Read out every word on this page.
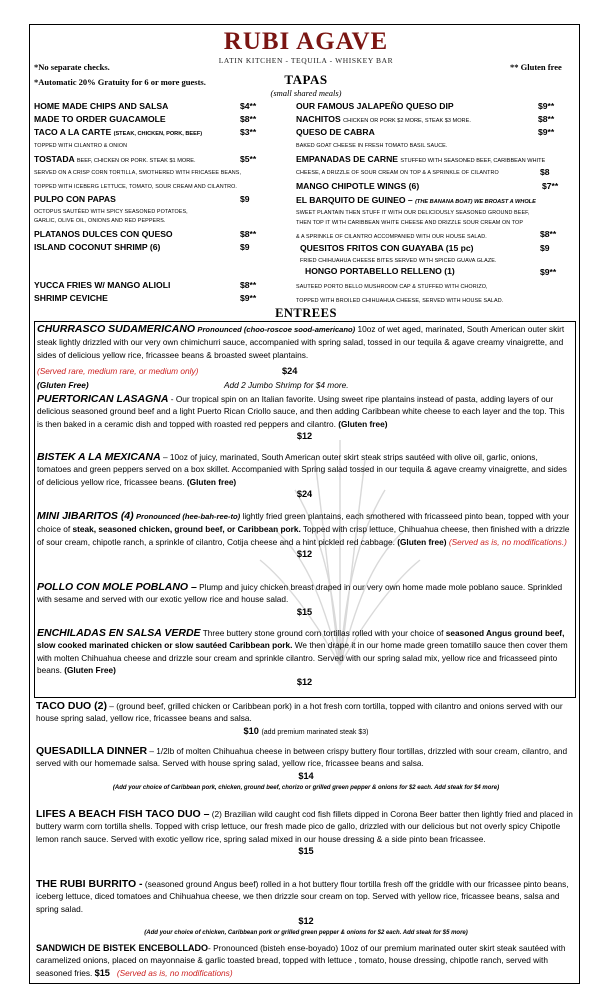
RUBI AGAVE
LATIN KITCHEN - TEQUILA - WHISKEY BAR
*No separate checks.
*Automatic 20% Gratuity for 6 or more guests.
** Gluten free
TAPAS
(small shared meals)
HOME MADE CHIPS AND SALSA	$4**
MADE TO ORDER GUACAMOLE	$8**
TACO A LA CARTE (STEAK, CHICKEN, PORK, BEEF)	$3**
TOPPED WITH CILANTRO & ONION
TOSTADA BEEF, CHICKEN OR PORK. STEAK $1 MORE.	$5**
SERVED ON A CRISP CORN TORTILLA, SMOTHERED WITH FRICASEE BEANS,
TOPPED WITH ICEBERG LETTUCE, TOMATO, SOUR CREAM AND CILANTRO.
PULPO CON PAPAS	$9
OCTOPUS SAUTÉED WITH SPICY SEASONED POTATOES,
GARLIC, OLIVE OIL, ONIONS AND RED PEPPERS.
PLATANOS DULCES CON QUESO	$8**
ISLAND COCONUT SHRIMP (6)	$9
YUCCA FRIES W/ MANGO ALIOLI	$8**
SHRIMP CEVICHE	$9**
OUR FAMOUS JALAPEÑO QUESO DIP	$9**
NACHITOS CHICKEN OR PORK $2 MORE, STEAK $3 MORE.	$8**
QUESO DE CABRA	$9**
BAKED GOAT CHEESE IN FRESH TOMATO BASIL SAUCE.
EMPANADAS DE CARNE STUFFED WITH SEASONED BEEF, CARIBBEAN WHITE
CHEESE, A DRIZZLE OF SOUR CREAM ON TOP & A SPRINKLE OF CILANTRO	$8
MANGO CHIPOTLE WINGS (6)	$7**
EL BARQUITO DE GUINEO – (THE BANANA BOAT) WE BROAST A WHOLE
SWEET PLANTAIN THEN STUFF IT WITH OUR DELICIOUSLY SEASONED GROUND BEEF,
THEN TOP IT WITH CARIBBEAN WHITE CHEESE AND DRIZZLE SOUR CREAM ON TOP
& A SPRINKLE OF CILANTRO ACCOMPANIED WITH OUR HOUSE SALAD.	$8**
QUESITOS FRITOS CON GUAYABA (15 pc)	$9
FRIED CHIHUAHUA CHEESE BITES SERVED WITH SPICED GUAVA GLAZE.
HONGO PORTABELLO RELLENO (1)	$9**
SAUTEED PORTO BELLO MUSHROOM CAP & STUFFED WITH CHORIZO,
TOPPED WITH BROILED CHIHUAHUA CHEESE, SERVED WITH HOUSE SALAD.
ENTREES
CHURRASCO SUDAMERICANO Pronounced (choo-roscoe sood-americano) 10oz of wet aged, marinated, South American outer skirt steak lightly drizzled with our very own chimichurri sauce, accompanied with spring salad, tossed in our tequila & agave creamy vinaigrette, and sides of delicious yellow rice, fricassee beans & broasted sweet plantains.
(Served rare, medium rare, or medium only)	$24
(Gluten Free)	Add 2 Jumbo Shrimp for $4 more.
PUERTORICAN LASAGNA - Our tropical spin on an Italian favorite. Using sweet ripe plantains instead of pasta, adding layers of our delicious seasoned ground beef and a light Puerto Rican Criollo sauce, and then adding Caribbean white cheese to each layer and the top. This is then baked in a ceramic dish and topped with roasted red peppers and cilantro. (Gluten free)
$12
BISTEK A LA MEXICANA – 10oz of juicy, marinated, South American outer skirt steak strips sautéed with olive oil, garlic, onions, tomatoes and green peppers served on a box skillet. Accompanied with Spring salad tossed in our tequila & agave creamy vinaigrette, and sides of delicious yellow rice, fricassee beans. (Gluten free)
$24
MINI JIBARITOS (4) Pronounced (hee-bah-ree-to) lightly fried green plantains, each smothered with fricasseed pinto bean, topped with your choice of steak, seasoned chicken, ground beef, or Caribbean pork. Topped with crisp lettuce, Chihuahua cheese, then finished with a drizzle of sour cream, chipotle ranch, a sprinkle of cilantro, Cotija cheese and a hint pickled red cabbage. (Gluten free) (Served as is, no modifications.)
$12
POLLO CON MOLE POBLANO – Plump and juicy chicken breast draped in our very own home made mole poblano sauce. Sprinkled with sesame and served with our exotic yellow rice and house salad.
$15
ENCHILADAS EN SALSA VERDE Three buttery stone ground corn tortillas rolled with your choice of seasoned Angus ground beef, slow cooked marinated chicken or slow sautéed Caribbean pork. We then drape it in our home made green tomatillo sauce then cover them with molten Chihuahua cheese and drizzle sour cream and sprinkle cilantro. Served with our spring salad mix, yellow rice and fricasseed pinto beans. (Gluten Free)
$12
TACO DUO (2) – (ground beef, grilled chicken or Caribbean pork) in a hot fresh corn tortilla, topped with cilantro and onions served with our house spring salad, yellow rice, fricassee beans and salsa.
$10 (add premium marinated steak $3)
QUESADILLA DINNER – 1/2lb of molten Chihuahua cheese in between crispy buttery flour tortillas, drizzled with sour cream, cilantro, and served with our homemade salsa. Served with house spring salad, yellow rice, fricassee beans and salsa.
$14
(Add your choice of Caribbean pork, chicken, ground beef, chorizo or grilled green pepper & onions for $2 each. Add steak for $4 more)
LIFES A BEACH FISH TACO DUO – (2) Brazilian wild caught cod fish fillets dipped in Corona Beer batter then lightly fried and placed in buttery warm corn tortilla shells. Topped with crisp lettuce, our fresh made pico de gallo, drizzled with our delicious but not overly spicy Chipotle lemon ranch sauce. Served with exotic yellow rice, spring salad mixed in our house dressing & a side pinto bean fricassee.
$15
THE RUBI BURRITO - (seasoned ground Angus beef) rolled in a hot buttery flour tortilla fresh off the griddle with our fricassee pinto beans, iceberg lettuce, diced tomatoes and Chihuahua cheese, we then drizzle sour cream on top. Served with yellow rice, fricassee beans, salsa and spring salad.
$12
(Add your choice of chicken, Caribbean pork or grilled green pepper & onions for $2 each. Add steak for $5 more)
SANDWICH DE BISTEK ENCEBOLLADO- Pronounced (bisteh ense-boyado) 10oz of our premium marinated outer skirt steak sautéed with caramelized onions, placed on mayonnaise & garlic toasted bread, topped with lettuce , tomato, house dressing, chipotle ranch, served with seasoned fries. $15 (Served as is, no modifications)
